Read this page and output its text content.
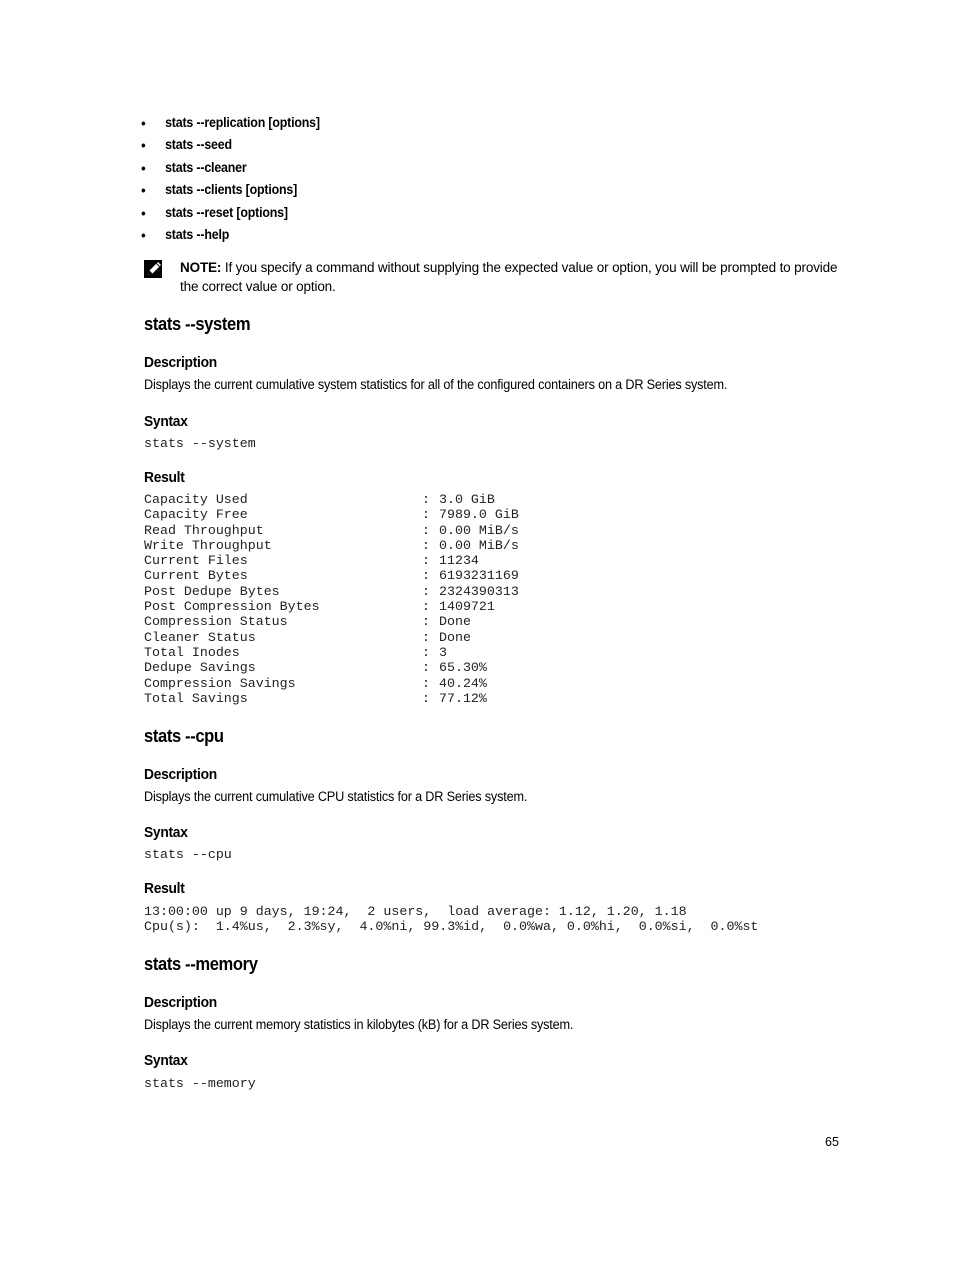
• stats --replication [options]
• stats --seed
• stats --cleaner
• stats --clients [options]
• stats --reset [options]
• stats --help
NOTE: If you specify a command without supplying the expected value or option, you will be prompted to provide the correct value or option.
stats --system
Description
Displays the current cumulative system statistics for all of the configured containers on a DR Series system.
Syntax
stats --system
Result
Capacity Used	: 3.0 GiB
Capacity Free	: 7989.0 GiB
Read Throughput	: 0.00 MiB/s
Write Throughput	: 0.00 MiB/s
Current Files	: 11234
Current Bytes	: 6193231169
Post Dedupe Bytes	: 2324390313
Post Compression Bytes	: 1409721
Compression Status	: Done
Cleaner Status	: Done
Total Inodes	: 3
Dedupe Savings	: 65.30%
Compression Savings	: 40.24%
Total Savings	: 77.12%
stats --cpu
Description
Displays the current cumulative CPU statistics for a DR Series system.
Syntax
stats --cpu
Result
13:00:00 up 9 days, 19:24,  2 users,  load average: 1.12, 1.20, 1.18
Cpu(s):  1.4%us,  2.3%sy,  4.0%ni, 99.3%id,  0.0%wa, 0.0%hi,  0.0%si,  0.0%st
stats --memory
Description
Displays the current memory statistics in kilobytes (kB) for a DR Series system.
Syntax
stats --memory
65
